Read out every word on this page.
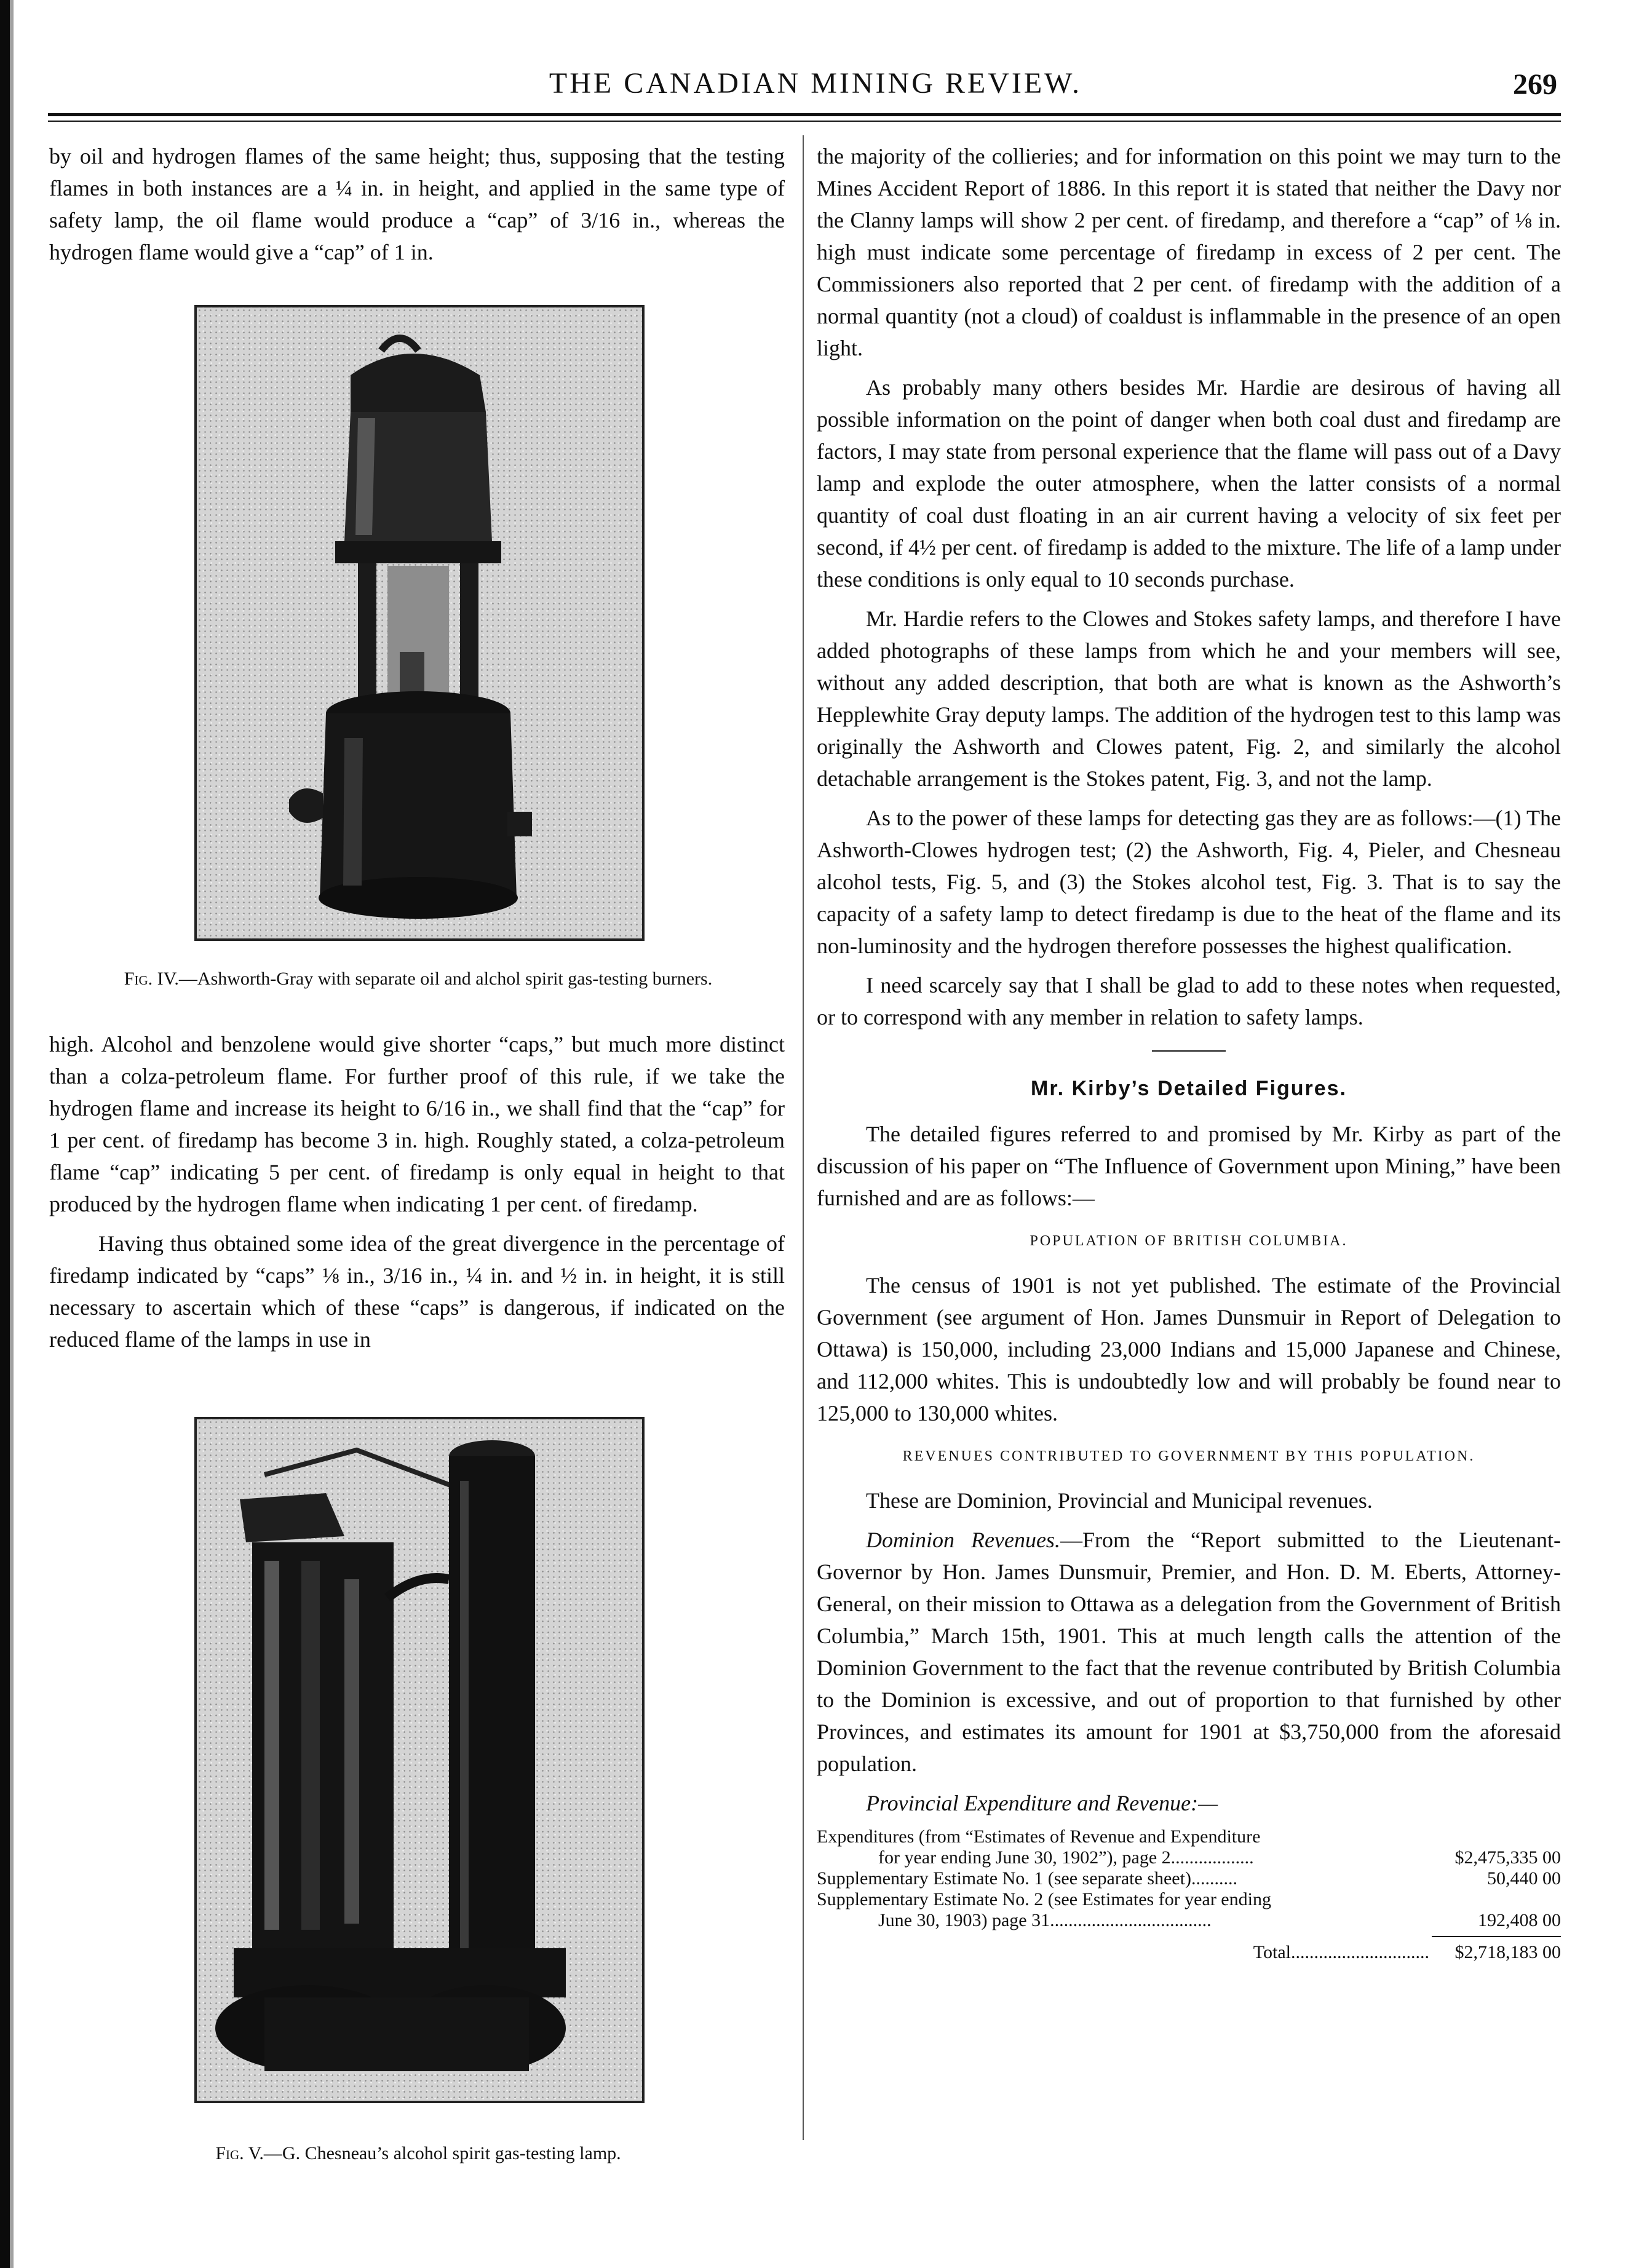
THE CANADIAN MINING REVIEW.	269

by oil and hydrogen flames of the same height; thus, supposing that the testing flames in both instances are a ¼ in. in height, and applied in the same type of safety lamp, the oil flame would produce a “cap” of 3/16 in., whereas the hydrogen flame would give a “cap” of 1 in.

Fig. IV.—Ashworth-Gray with separate oil and alchol spirit gas-testing burners.

high. Alcohol and benzolene would give shorter “caps,” but much more distinct than a colza-petroleum flame. For further proof of this rule, if we take the hydrogen flame and increase its height to 6/16 in., we shall find that the “cap” for 1 per cent. of firedamp has become 3 in. high. Roughly stated, a colza-petroleum flame “cap” indicating 5 per cent. of firedamp is only equal in height to that produced by the hydrogen flame when indicating 1 per cent. of firedamp.

Having thus obtained some idea of the great divergence in the percentage of firedamp indicated by “caps” ⅛ in., 3/16 in., ¼ in. and ½ in. in height, it is still necessary to ascertain which of these “caps” is dangerous, if indicated on the reduced flame of the lamps in use in

Fig. V.—G. Chesneau’s alcohol spirit gas-testing lamp.

the majority of the collieries; and for information on this point we may turn to the Mines Accident Report of 1886. In this report it is stated that neither the Davy nor the Clanny lamps will show 2 per cent. of firedamp, and therefore a “cap” of ⅛ in. high must indicate some percentage of firedamp in excess of 2 per cent. The Commissioners also reported that 2 per cent. of firedamp with the addition of a normal quantity (not a cloud) of coaldust is inflammable in the presence of an open light.

As probably many others besides Mr. Hardie are desirous of having all possible information on the point of danger when both coal dust and firedamp are factors, I may state from personal experience that the flame will pass out of a Davy lamp and explode the outer atmosphere, when the latter consists of a normal quantity of coal dust floating in an air current having a velocity of six feet per second, if 4½ per cent. of firedamp is added to the mixture. The life of a lamp under these conditions is only equal to 10 seconds purchase.

Mr. Hardie refers to the Clowes and Stokes safety lamps, and therefore I have added photographs of these lamps from which he and your members will see, without any added description, that both are what is known as the Ashworth’s Hepplewhite Gray deputy lamps. The addition of the hydrogen test to this lamp was originally the Ashworth and Clowes patent, Fig. 2, and similarly the alcohol detachable arrangement is the Stokes patent, Fig. 3, and not the lamp.

As to the power of these lamps for detecting gas they are as follows:—(1) The Ashworth-Clowes hydrogen test; (2) the Ashworth, Fig. 4, Pieler, and Chesneau alcohol tests, Fig. 5, and (3) the Stokes alcohol test, Fig. 3. That is to say the capacity of a safety lamp to detect firedamp is due to the heat of the flame and its non-luminosity and the hydrogen therefore possesses the highest qualification.

I need scarcely say that I shall be glad to add to these notes when requested, or to correspond with any member in relation to safety lamps.

Mr. Kirby’s Detailed Figures.

The detailed figures referred to and promised by Mr. Kirby as part of the discussion of his paper on “The Influence of Government upon Mining,” have been furnished and are as follows:—

POPULATION OF BRITISH COLUMBIA.

The census of 1901 is not yet published. The estimate of the Provincial Government (see argument of Hon. James Dunsmuir in Report of Delegation to Ottawa) is 150,000, including 23,000 Indians and 15,000 Japanese and Chinese, and 112,000 whites. This is undoubtedly low and will probably be found near to 125,000 to 130,000 whites.

REVENUES CONTRIBUTED TO GOVERNMENT BY THIS POPULATION.

These are Dominion, Provincial and Municipal revenues.

Dominion Revenues.—From the “Report submitted to the Lieutenant-Governor by Hon. James Dunsmuir, Premier, and Hon. D. M. Eberts, Attorney-General, on their mission to Ottawa as a delegation from the Government of British Columbia,” March 15th, 1901. This at much length calls the attention of the Dominion Government to the fact that the revenue contributed by British Columbia to the Dominion is excessive, and out of proportion to that furnished by other Provinces, and estimates its amount for 1901 at $3,750,000 from the aforesaid population.

Provincial Expenditure and Revenue:—

Expenditures (from “Estimates of Revenue and Expenditure
for year ending June 30, 1902”), page 2..................	$2,475,335 00
Supplementary Estimate No. 1 (see separate sheet)..........	50,440 00
Supplementary Estimate No. 2 (see Estimates for year ending
June 30, 1903) page 31...................................	192,408 00
Total..............................	$2,718,183 00
